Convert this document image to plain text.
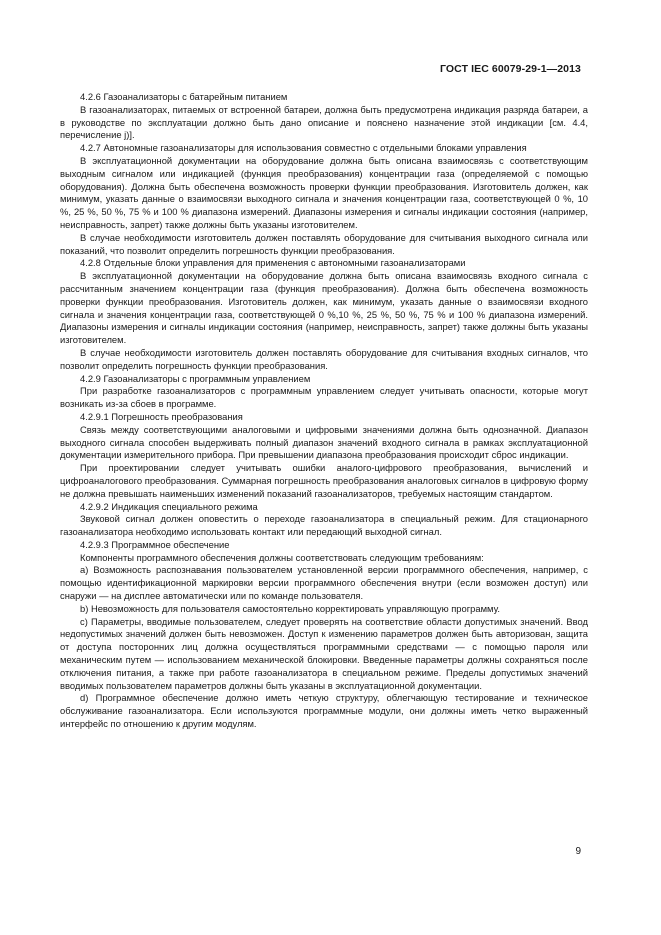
ГОСТ IEC 60079-29-1—2013

4.2.6 Газоанализаторы с батарейным питанием

В газоанализаторах, питаемых от встроенной батареи, должна быть предусмотрена индикация разряда батареи, а в руководстве по эксплуатации должно быть дано описание и пояснено назначение этой индикации [см. 4.4, перечисление j)].

4.2.7 Автономные газоанализаторы для использования совместно с отдельными блоками управления

В эксплуатационной документации на оборудование должна быть описана взаимосвязь с соответствующим выходным сигналом или индикацией (функция преобразования) концентрации газа (определяемой с помощью оборудования). Должна быть обеспечена возможность проверки функции преобразования. Изготовитель должен, как минимум, указать данные о взаимосвязи выходного сигнала и значения концентрации газа, соответствующей 0 %, 10 %, 25 %, 50 %, 75 % и 100 % диапазона измерений. Диапазоны измерения и сигналы индикации состояния (например, неисправность, запрет) также должны быть указаны изготовителем.

В случае необходимости изготовитель должен поставлять оборудование для считывания выходного сигнала или показаний, что позволит определить погрешность функции преобразования.

4.2.8 Отдельные блоки управления для применения с автономными газоанализаторами

В эксплуатационной документации на оборудование должна быть описана взаимосвязь входного сигнала с рассчитанным значением концентрации газа (функция преобразования). Должна быть обеспечена возможность проверки функции преобразования. Изготовитель должен, как минимум, указать данные о взаимосвязи входного сигнала и значения концентрации газа, соответствующей 0 %,10 %, 25 %, 50 %, 75 % и 100 % диапазона измерений. Диапазоны измерения и сигналы индикации состояния (например, неисправность, запрет) также должны быть указаны изготовителем.

В случае необходимости изготовитель должен поставлять оборудование для считывания входных сигналов, что позволит определить погрешность функции преобразования.

4.2.9 Газоанализаторы с программным управлением

При разработке газоанализаторов с программным управлением следует учитывать опасности, которые могут возникать из-за сбоев в программе.

4.2.9.1 Погрешность преобразования

Связь между соответствующими аналоговыми и цифровыми значениями должна быть однозначной. Диапазон выходного сигнала способен выдерживать полный диапазон значений входного сигнала в рамках эксплуатационной документации измерительного прибора. При превышении диапазона преобразования происходит сброс индикации.

При проектировании следует учитывать ошибки аналого-цифрового преобразования, вычислений и цифроаналогового преобразования. Суммарная погрешность преобразования аналоговых сигналов в цифровую форму не должна превышать наименьших изменений показаний газоанализаторов, требуемых настоящим стандартом.

4.2.9.2 Индикация специального режима

Звуковой сигнал должен оповестить о переходе газоанализатора в специальный режим. Для стационарного газоанализатора необходимо использовать контакт или передающий выходной сигнал.

4.2.9.3 Программное обеспечение

Компоненты программного обеспечения должны соответствовать следующим требованиям:

a) Возможность распознавания пользователем установленной версии программного обеспечения, например, с помощью идентификационной маркировки версии программного обеспечения внутри (если возможен доступ) или снаружи — на дисплее автоматически или по команде пользователя.

b) Невозможность для пользователя самостоятельно корректировать управляющую программу.

c) Параметры, вводимые пользователем, следует проверять на соответствие области допустимых значений. Ввод недопустимых значений должен быть невозможен. Доступ к изменению параметров должен быть авторизован, защита от доступа посторонних лиц должна осуществляться программными средствами — с помощью пароля или механическим путем — использованием механической блокировки. Введенные параметры должны сохраняться после отключения питания, а также при работе газоанализатора в специальном режиме. Пределы допустимых значений вводимых пользователем параметров должны быть указаны в эксплуатационной документации.

d) Программное обеспечение должно иметь четкую структуру, облегчающую тестирование и техническое обслуживание газоанализатора. Если используются программные модули, они должны иметь четко выраженный интерфейс по отношению к другим модулям.

9
